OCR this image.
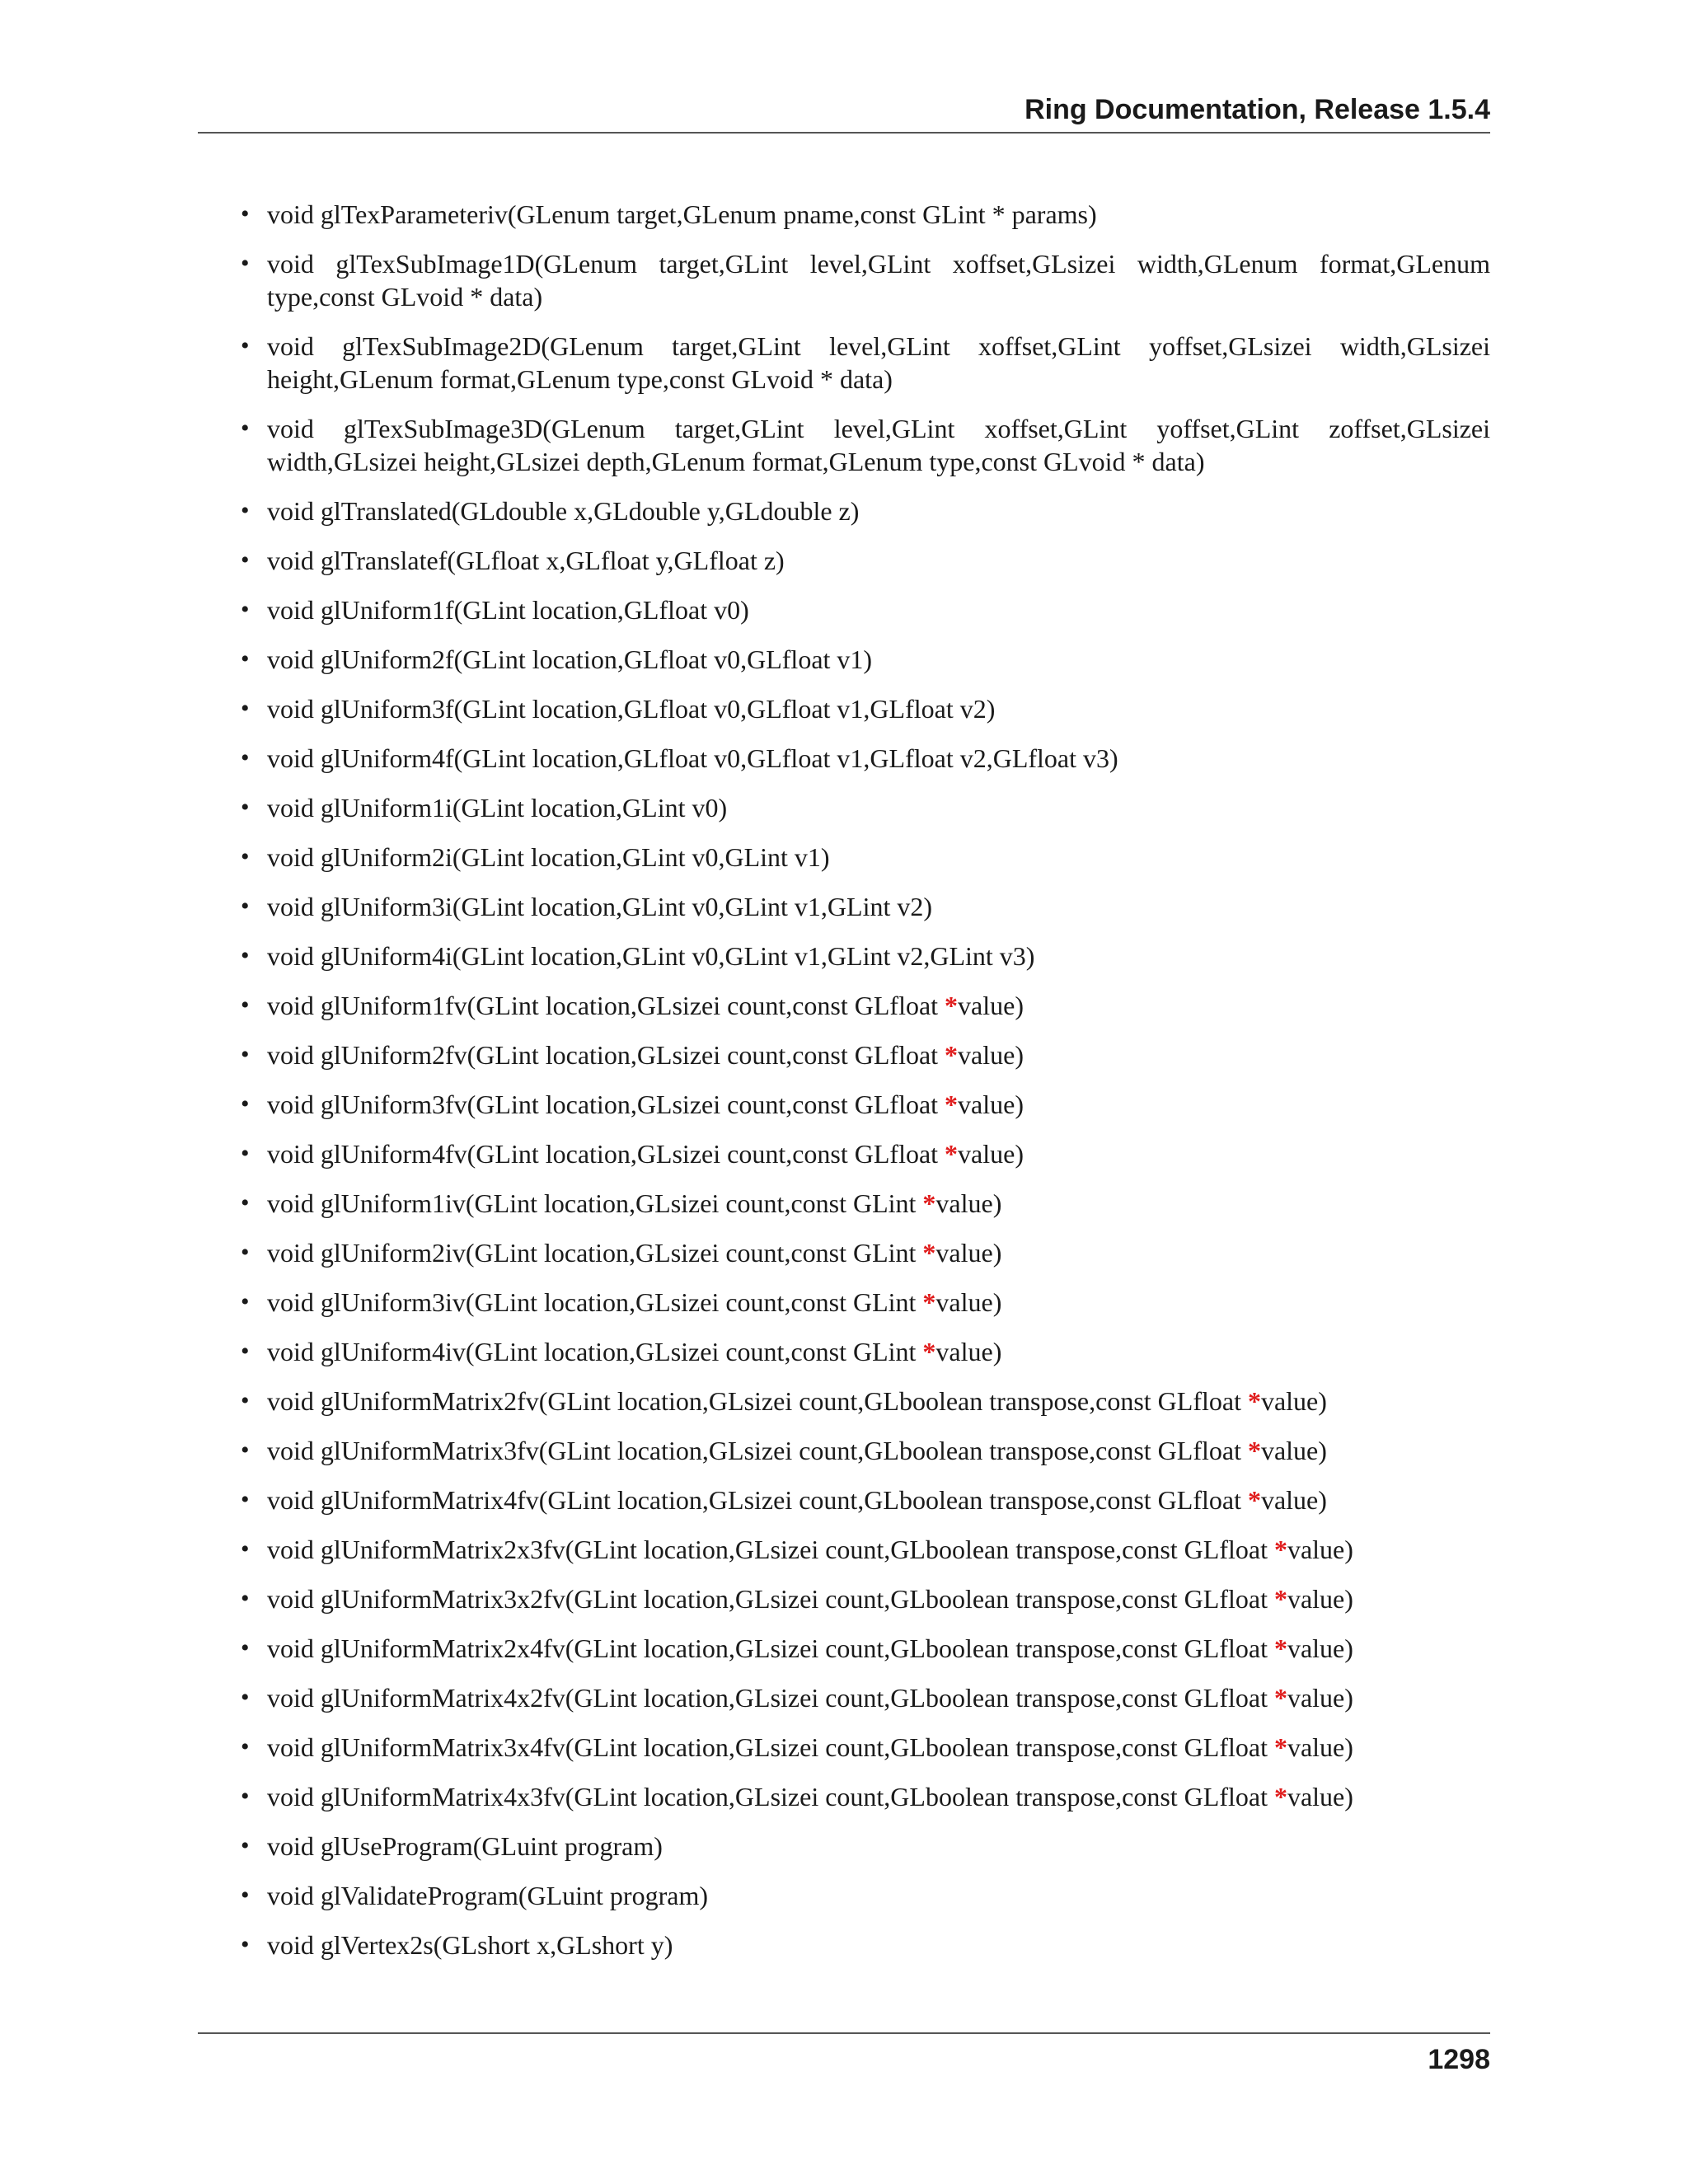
Ring Documentation, Release 1.5.4
• void glTexParameteriv(GLenum target,GLenum pname,const GLint * params)
• void glTexSubImage1D(GLenum target,GLint level,GLint xoffset,GLsizei width,GLenum format,GLenum type,const GLvoid * data)
• void glTexSubImage2D(GLenum target,GLint level,GLint xoffset,GLint yoffset,GLsizei width,GLsizei height,GLenum format,GLenum type,const GLvoid * data)
• void glTexSubImage3D(GLenum target,GLint level,GLint xoffset,GLint yoffset,GLint zoffset,GLsizei width,GLsizei height,GLsizei depth,GLenum format,GLenum type,const GLvoid * data)
• void glTranslated(GLdouble x,GLdouble y,GLdouble z)
• void glTranslatef(GLfloat x,GLfloat y,GLfloat z)
• void glUniform1f(GLint location,GLfloat v0)
• void glUniform2f(GLint location,GLfloat v0,GLfloat v1)
• void glUniform3f(GLint location,GLfloat v0,GLfloat v1,GLfloat v2)
• void glUniform4f(GLint location,GLfloat v0,GLfloat v1,GLfloat v2,GLfloat v3)
• void glUniform1i(GLint location,GLint v0)
• void glUniform2i(GLint location,GLint v0,GLint v1)
• void glUniform3i(GLint location,GLint v0,GLint v1,GLint v2)
• void glUniform4i(GLint location,GLint v0,GLint v1,GLint v2,GLint v3)
• void glUniform1fv(GLint location,GLsizei count,const GLfloat *value)
• void glUniform2fv(GLint location,GLsizei count,const GLfloat *value)
• void glUniform3fv(GLint location,GLsizei count,const GLfloat *value)
• void glUniform4fv(GLint location,GLsizei count,const GLfloat *value)
• void glUniform1iv(GLint location,GLsizei count,const GLint *value)
• void glUniform2iv(GLint location,GLsizei count,const GLint *value)
• void glUniform3iv(GLint location,GLsizei count,const GLint *value)
• void glUniform4iv(GLint location,GLsizei count,const GLint *value)
• void glUniformMatrix2fv(GLint location,GLsizei count,GLboolean transpose,const GLfloat *value)
• void glUniformMatrix3fv(GLint location,GLsizei count,GLboolean transpose,const GLfloat *value)
• void glUniformMatrix4fv(GLint location,GLsizei count,GLboolean transpose,const GLfloat *value)
• void glUniformMatrix2x3fv(GLint location,GLsizei count,GLboolean transpose,const GLfloat *value)
• void glUniformMatrix3x2fv(GLint location,GLsizei count,GLboolean transpose,const GLfloat *value)
• void glUniformMatrix2x4fv(GLint location,GLsizei count,GLboolean transpose,const GLfloat *value)
• void glUniformMatrix4x2fv(GLint location,GLsizei count,GLboolean transpose,const GLfloat *value)
• void glUniformMatrix3x4fv(GLint location,GLsizei count,GLboolean transpose,const GLfloat *value)
• void glUniformMatrix4x3fv(GLint location,GLsizei count,GLboolean transpose,const GLfloat *value)
• void glUseProgram(GLuint program)
• void glValidateProgram(GLuint program)
• void glVertex2s(GLshort x,GLshort y)
1298
